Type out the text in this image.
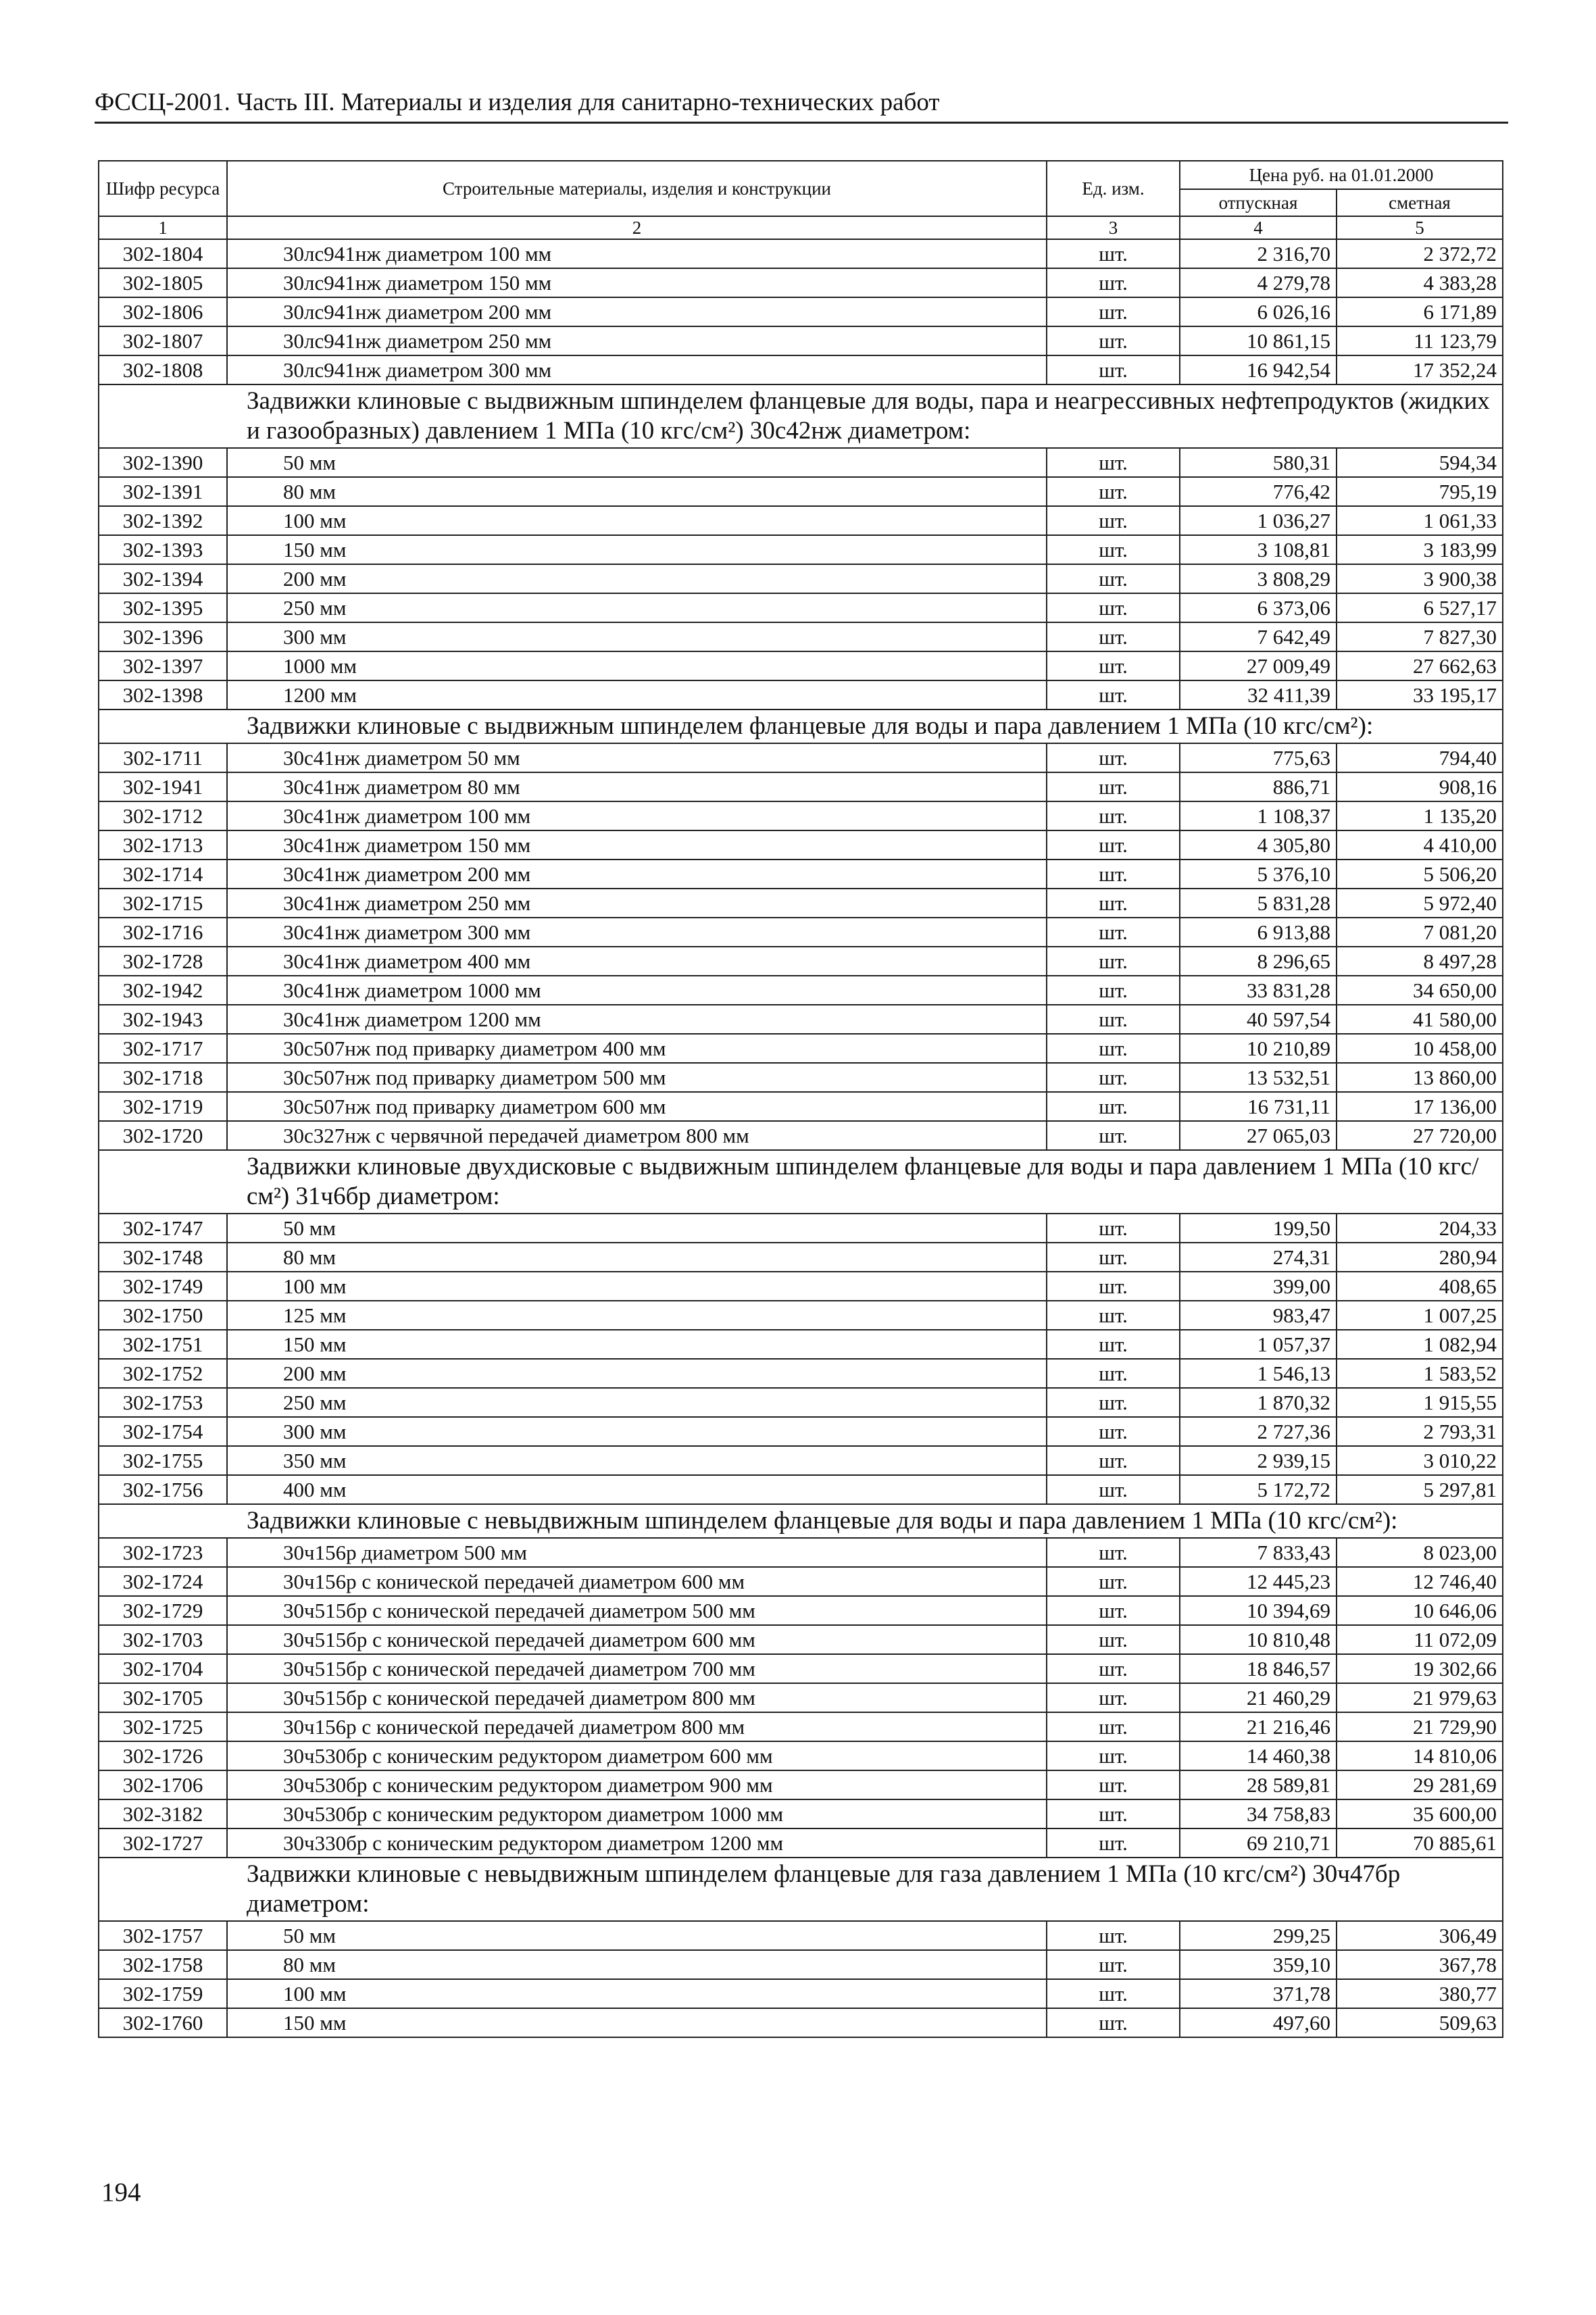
ФССЦ-2001. Часть III. Материалы и изделия для санитарно-технических работ
Шифр ресурса	Строительные материалы, изделия и конструкции	Ед. изм.	Цена руб. на 01.01.2000	
			отпускная	сметная
1	2	3	4	5
302-1804	30лс941нж диаметром 100 мм	шт.	2 316,70	2 372,72
302-1805	30лс941нж диаметром 150 мм	шт.	4 279,78	4 383,28
302-1806	30лс941нж диаметром 200 мм	шт.	6 026,16	6 171,89
302-1807	30лс941нж диаметром 250 мм	шт.	10 861,15	11 123,79
302-1808	30лс941нж диаметром 300 мм	шт.	16 942,54	17 352,24
Задвижки клиновые с выдвижным шпинделем фланцевые для воды, пара и неагрессивных нефтепродуктов (жидких и газообразных) давлением 1 МПа (10 кгс/см²) 30с42нж диаметром:				
302-1390	50 мм	шт.	580,31	594,34
302-1391	80 мм	шт.	776,42	795,19
302-1392	100 мм	шт.	1 036,27	1 061,33
302-1393	150 мм	шт.	3 108,81	3 183,99
302-1394	200 мм	шт.	3 808,29	3 900,38
302-1395	250 мм	шт.	6 373,06	6 527,17
302-1396	300 мм	шт.	7 642,49	7 827,30
302-1397	1000 мм	шт.	27 009,49	27 662,63
302-1398	1200 мм	шт.	32 411,39	33 195,17
Задвижки клиновые с выдвижным шпинделем фланцевые для воды и пара давлением 1 МПа (10 кгс/см²):				
302-1711	30с41нж диаметром 50 мм	шт.	775,63	794,40
302-1941	30с41нж диаметром 80 мм	шт.	886,71	908,16
302-1712	30с41нж диаметром 100 мм	шт.	1 108,37	1 135,20
302-1713	30с41нж диаметром 150 мм	шт.	4 305,80	4 410,00
302-1714	30с41нж диаметром 200 мм	шт.	5 376,10	5 506,20
302-1715	30с41нж диаметром 250 мм	шт.	5 831,28	5 972,40
302-1716	30с41нж диаметром 300 мм	шт.	6 913,88	7 081,20
302-1728	30с41нж диаметром 400 мм	шт.	8 296,65	8 497,28
302-1942	30с41нж диаметром 1000 мм	шт.	33 831,28	34 650,00
302-1943	30с41нж диаметром 1200 мм	шт.	40 597,54	41 580,00
302-1717	30с507нж под приварку диаметром 400 мм	шт.	10 210,89	10 458,00
302-1718	30с507нж под приварку диаметром 500 мм	шт.	13 532,51	13 860,00
302-1719	30с507нж под приварку диаметром 600 мм	шт.	16 731,11	17 136,00
302-1720	30с327нж с червячной передачей диаметром 800 мм	шт.	27 065,03	27 720,00
Задвижки клиновые двухдисковые с выдвижным шпинделем фланцевые для воды и пара давлением 1 МПа (10 кгс/см²) 31ч6бр диаметром:				
302-1747	50 мм	шт.	199,50	204,33
302-1748	80 мм	шт.	274,31	280,94
302-1749	100 мм	шт.	399,00	408,65
302-1750	125 мм	шт.	983,47	1 007,25
302-1751	150 мм	шт.	1 057,37	1 082,94
302-1752	200 мм	шт.	1 546,13	1 583,52
302-1753	250 мм	шт.	1 870,32	1 915,55
302-1754	300 мм	шт.	2 727,36	2 793,31
302-1755	350 мм	шт.	2 939,15	3 010,22
302-1756	400 мм	шт.	5 172,72	5 297,81
Задвижки клиновые с невыдвижным шпинделем фланцевые для воды и пара давлением 1 МПа (10 кгс/см²):				
302-1723	30ч156р диаметром 500 мм	шт.	7 833,43	8 023,00
302-1724	30ч156р с конической передачей диаметром 600 мм	шт.	12 445,23	12 746,40
302-1729	30ч515бр с конической передачей диаметром 500 мм	шт.	10 394,69	10 646,06
302-1703	30ч515бр с конической передачей диаметром 600 мм	шт.	10 810,48	11 072,09
302-1704	30ч515бр с конической передачей диаметром 700 мм	шт.	18 846,57	19 302,66
302-1705	30ч515бр с конической передачей диаметром 800 мм	шт.	21 460,29	21 979,63
302-1725	30ч156р с конической передачей диаметром 800 мм	шт.	21 216,46	21 729,90
302-1726	30ч530бр с коническим редуктором диаметром 600 мм	шт.	14 460,38	14 810,06
302-1706	30ч530бр с коническим редуктором диаметром 900 мм	шт.	28 589,81	29 281,69
302-3182	30ч530бр с коническим редуктором диаметром 1000 мм	шт.	34 758,83	35 600,00
302-1727	30ч330бр с коническим редуктором диаметром 1200 мм	шт.	69 210,71	70 885,61
Задвижки клиновые с невыдвижным шпинделем фланцевые для газа давлением 1 МПа (10 кгс/см²) 30ч47бр диаметром:				
302-1757	50 мм	шт.	299,25	306,49
302-1758	80 мм	шт.	359,10	367,78
302-1759	100 мм	шт.	371,78	380,77
302-1760	150 мм	шт.	497,60	509,63
194
